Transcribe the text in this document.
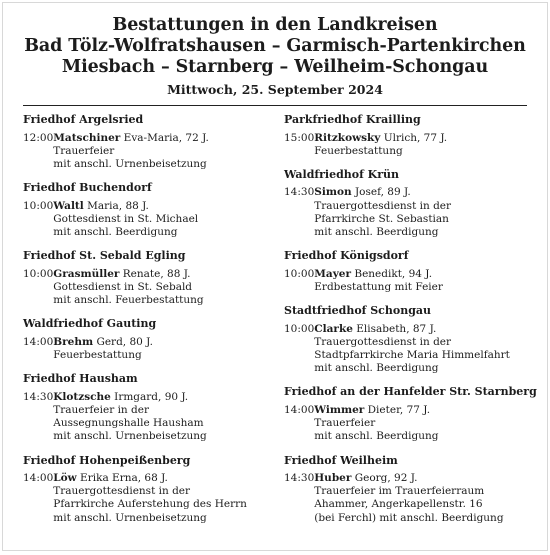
Bestattungen in den Landkreisen
Bad Tölz-Wolfratshausen – Garmisch-Partenkirchen
Miesbach – Starnberg – Weilheim-Schongau
Mittwoch, 25. September 2024
Friedhof Argelsried
12:00 Matschiner Eva-Maria, 72 J.
Trauerfeier
mit anschl. Urnenbeisetzung
Friedhof Buchendorf
10:00 Waltl Maria, 88 J.
Gottesdienst in St. Michael
mit anschl. Beerdigung
Friedhof St. Sebald Egling
10:00 Grasmüller Renate, 88 J.
Gottesdienst in St. Sebald
mit anschl. Feuerbestattung
Waldfriedhof Gauting
14:00 Brehm Gerd, 80 J.
Feuerbestattung
Friedhof Hausham
14:30 Klotzsche Irmgard, 90 J.
Trauerfeier in der
Aussegnungshalle Hausham
mit anschl. Urnenbeisetzung
Friedhof Hohenpeißenberg
14:00 Löw Erika Erna, 68 J.
Trauergottesdienst in der
Pfarrkirche Auferstehung des Herrn
mit anschl. Urnenbeisetzung
Parkfriedhof Krailling
15:00 Ritzkowsky Ulrich, 77 J.
Feuerbestattung
Waldfriedhof Krün
14:30 Simon Josef, 89 J.
Trauergottesdienst in der
Pfarrkirche St. Sebastian
mit anschl. Beerdigung
Friedhof Königsdorf
10:00 Mayer Benedikt, 94 J.
Erdbestattung mit Feier
Stadtfriedhof Schongau
10:00 Clarke Elisabeth, 87 J.
Trauergottesdienst in der
Stadtpfarrkirche Maria Himmelfahrt
mit anschl. Beerdigung
Friedhof an der Hanfelder Str. Starnberg
14:00 Wimmer Dieter, 77 J.
Trauerfeier
mit anschl. Beerdigung
Friedhof Weilheim
14:30 Huber Georg, 92 J.
Trauerfeier im Trauerfeierraum
Ahammer, Angerkapellenstr. 16
(bei Ferchl) mit anschl. Beerdigung
